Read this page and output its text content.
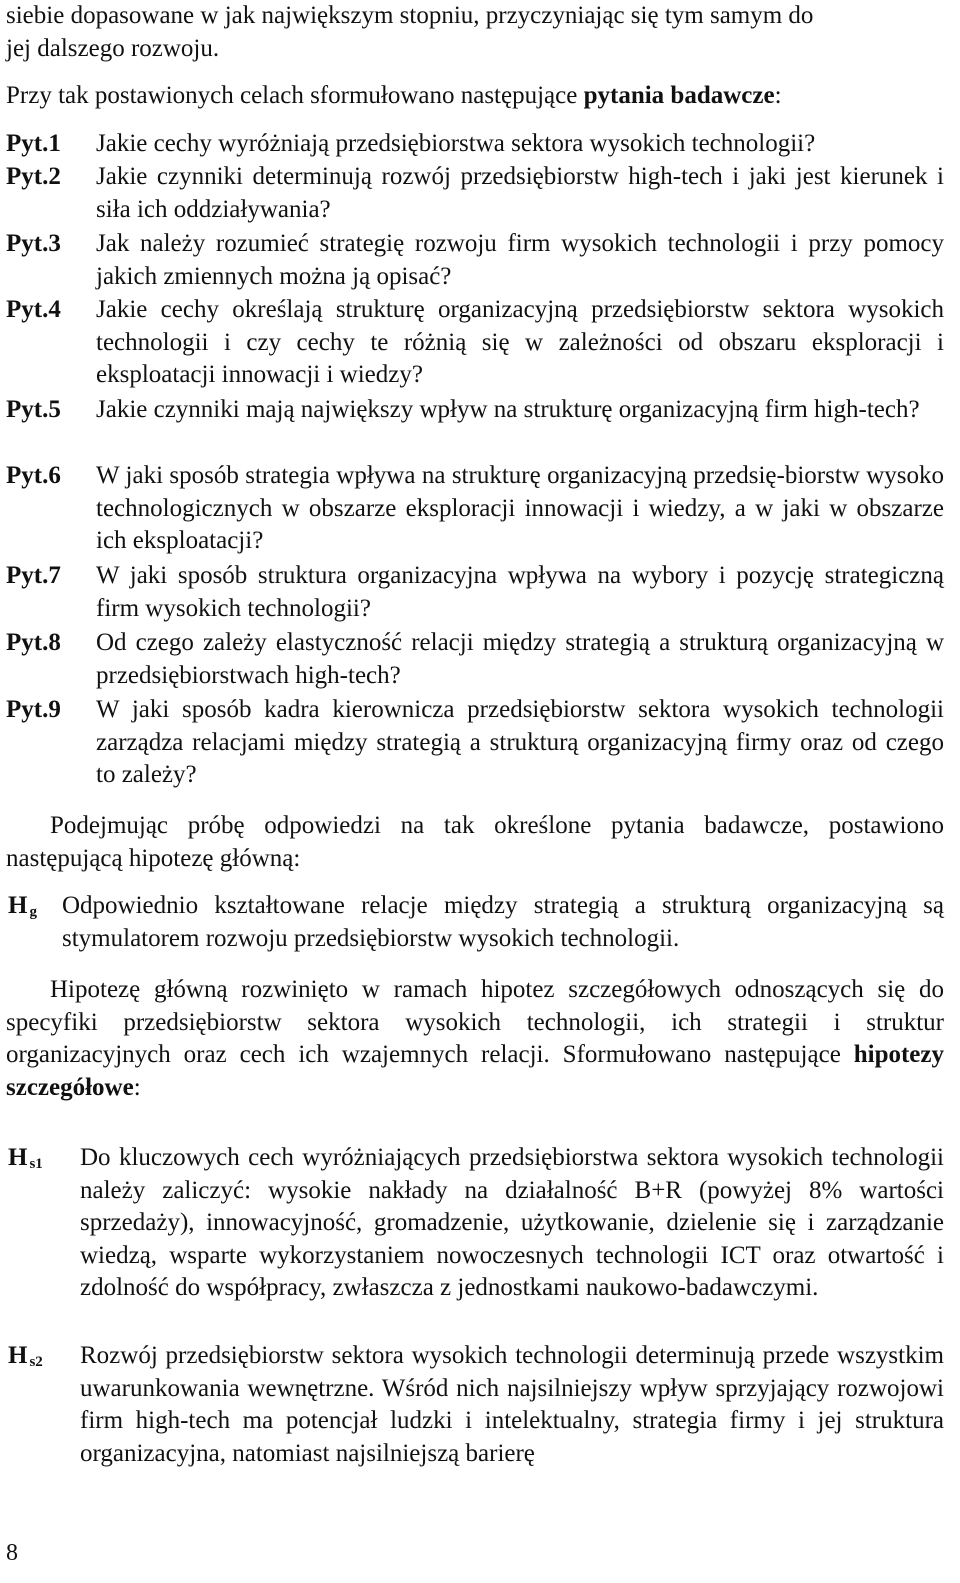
siebie dopasowane w jak największym stopniu, przyczyniając się tym samym do

jej dalszego rozwoju.

Przy tak postawionych celach sformułowano następujące pytania badawcze:

Pyt.1	Jakie cechy wyróżniają przedsiębiorstwa sektora wysokich technologii?

Pyt.2	Jakie czynniki determinują rozwój przedsiębiorstw high-tech i jaki jest kierunek i siła ich oddziaływania?

Pyt.3	Jak należy rozumieć strategię rozwoju firm wysokich technologii i przy pomocy jakich zmiennych można ją opisać?

Pyt.4	Jakie cechy określają strukturę organizacyjną przedsiębiorstw sektora wysokich technologii i czy cechy te różnią się w zależności od obszaru eksploracji i eksploatacji innowacji i wiedzy?

Pyt.5	Jakie czynniki mają największy wpływ na strukturę organizacyjną firm high-tech?

Pyt.6	W jaki sposób strategia wpływa na strukturę organizacyjną przedsię-biorstw wysoko technologicznych w obszarze eksploracji innowacji i wiedzy, a w jaki w obszarze ich eksploatacji?

Pyt.7	W jaki sposób struktura organizacyjna wpływa na wybory i pozycję strategiczną firm wysokich technologii?

Pyt.8	Od czego zależy elastyczność relacji między strategią a strukturą organizacyjną w przedsiębiorstwach high-tech?

Pyt.9	W jaki sposób kadra kierownicza przedsiębiorstw sektora wysokich technologii zarządza relacjami między strategią a strukturą organizacyjną firmy oraz od czego to zależy?

Podejmując próbę odpowiedzi na tak określone pytania badawcze, postawiono następującą hipotezę główną:

H $_g$ Odpowiednio kształtowane relacje między strategią a strukturą organizacyjną są stymulatorem rozwoju przedsiębiorstw wysokich technologii.

Hipotezę główną rozwinięto w ramach hipotez szczegółowych odnoszących się do specyfiki przedsiębiorstw sektora wysokich technologii, ich strategii i struktur organizacyjnych oraz cech ich wzajemnych relacji. Sformułowano następujące hipotezy szczegółowe:

H $_{s1}$ Do kluczowych cech wyróżniających przedsiębiorstwa sektora wysokich technologii należy zaliczyć: wysokie nakłady na działalność B+R (powyżej 8% wartości sprzedaży), innowacyjność, gromadzenie, użytkowanie, dzielenie się i zarządzanie wiedzą, wsparte wykorzystaniem nowoczesnych technologii ICT oraz otwartość i zdolność do współpracy, zwłaszcza z jednostkami naukowo-badawczymi.

H $_{s2}$ Rozwój przedsiębiorstw sektora wysokich technologii determinują przede wszystkim uwarunkowania wewnętrzne. Wśród nich najsilniejszy wpływ sprzyjający rozwojowi firm high-tech ma potencjał ludzki i intelektualny, strategia firmy i jej struktura organizacyjna, natomiast najsilniejszą barierę

8
